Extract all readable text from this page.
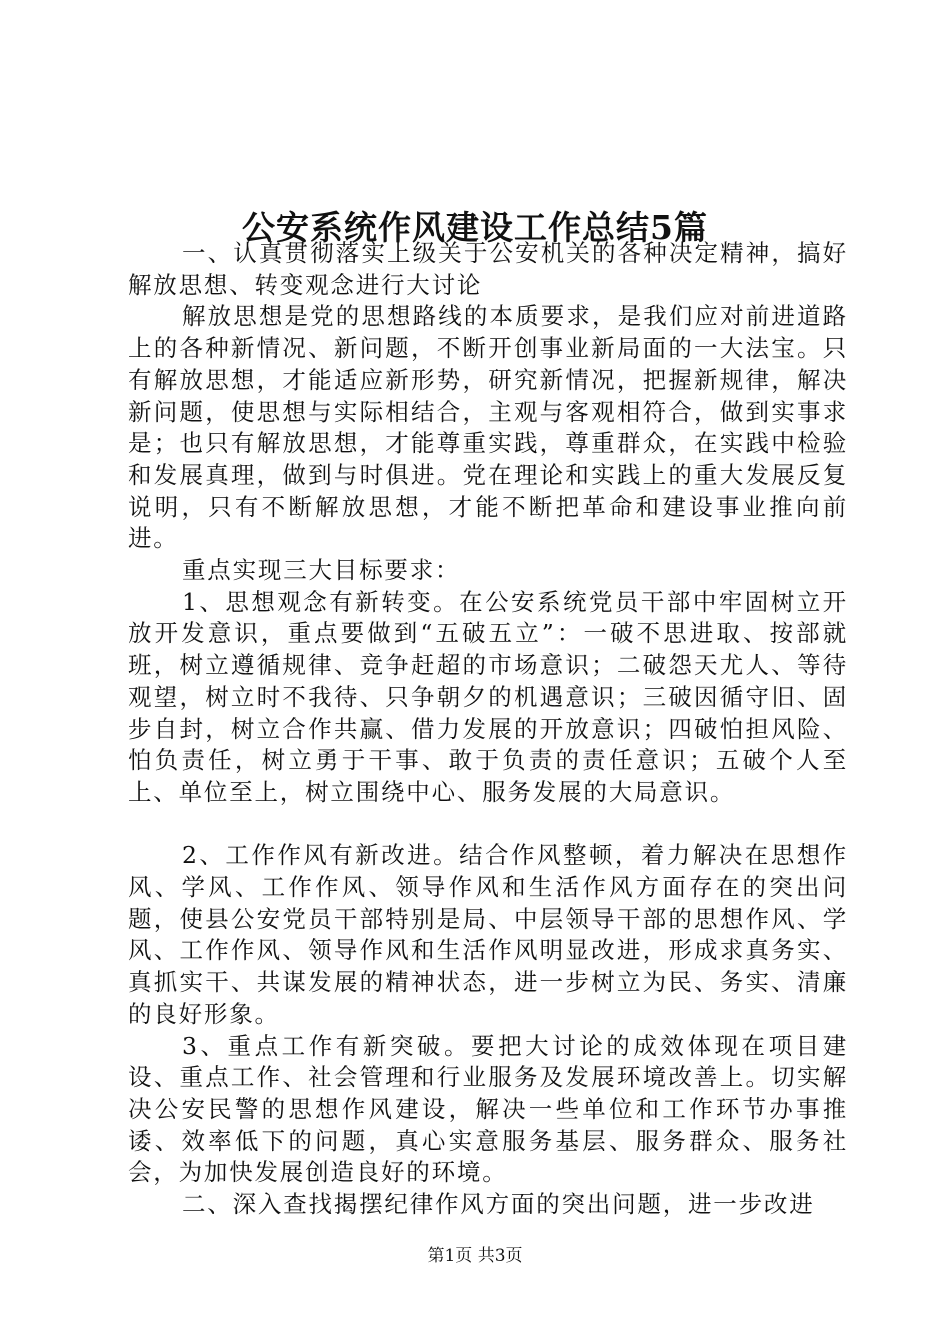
公安系统作风建设工作总结5篇

一、认真贯彻落实上级关于公安机关的各种决定精神，搞好解放思想、转变观念进行大讨论

解放思想是党的思想路线的本质要求，是我们应对前进道路上的各种新情况、新问题，不断开创事业新局面的一大法宝。只有解放思想，才能适应新形势，研究新情况，把握新规律，解决新问题，使思想与实际相结合，主观与客观相符合，做到实事求是；也只有解放思想，才能尊重实践，尊重群众，在实践中检验和发展真理，做到与时俱进。党在理论和实践上的重大发展反复说明，只有不断解放思想，才能不断把革命和建设事业推向前进。

重点实现三大目标要求：

1、思想观念有新转变。在公安系统党员干部中牢固树立开放开发意识，重点要做到“五破五立”：一破不思进取、按部就班，树立遵循规律、竞争赶超的市场意识；二破怨天尤人、等待观望，树立时不我待、只争朝夕的机遇意识；三破因循守旧、固步自封，树立合作共赢、借力发展的开放意识；四破怕担风险、怕负责任，树立勇于干事、敢于负责的责任意识；五破个人至上、单位至上，树立围绕中心、服务发展的大局意识。

2、工作作风有新改进。结合作风整顿，着力解决在思想作风、学风、工作作风、领导作风和生活作风方面存在的突出问题，使县公安党员干部特别是局、中层领导干部的思想作风、学风、工作作风、领导作风和生活作风明显改进，形成求真务实、真抓实干、共谋发展的精神状态，进一步树立为民、务实、清廉的良好形象。

3、重点工作有新突破。要把大讨论的成效体现在项目建设、重点工作、社会管理和行业服务及发展环境改善上。切实解决公安民警的思想作风建设，解决一些单位和工作环节办事推诿、效率低下的问题，真心实意服务基层、服务群众、服务社会，为加快发展创造良好的环境。

二、深入查找揭摆纪律作风方面的突出问题，进一步改进

第1页 共3页
